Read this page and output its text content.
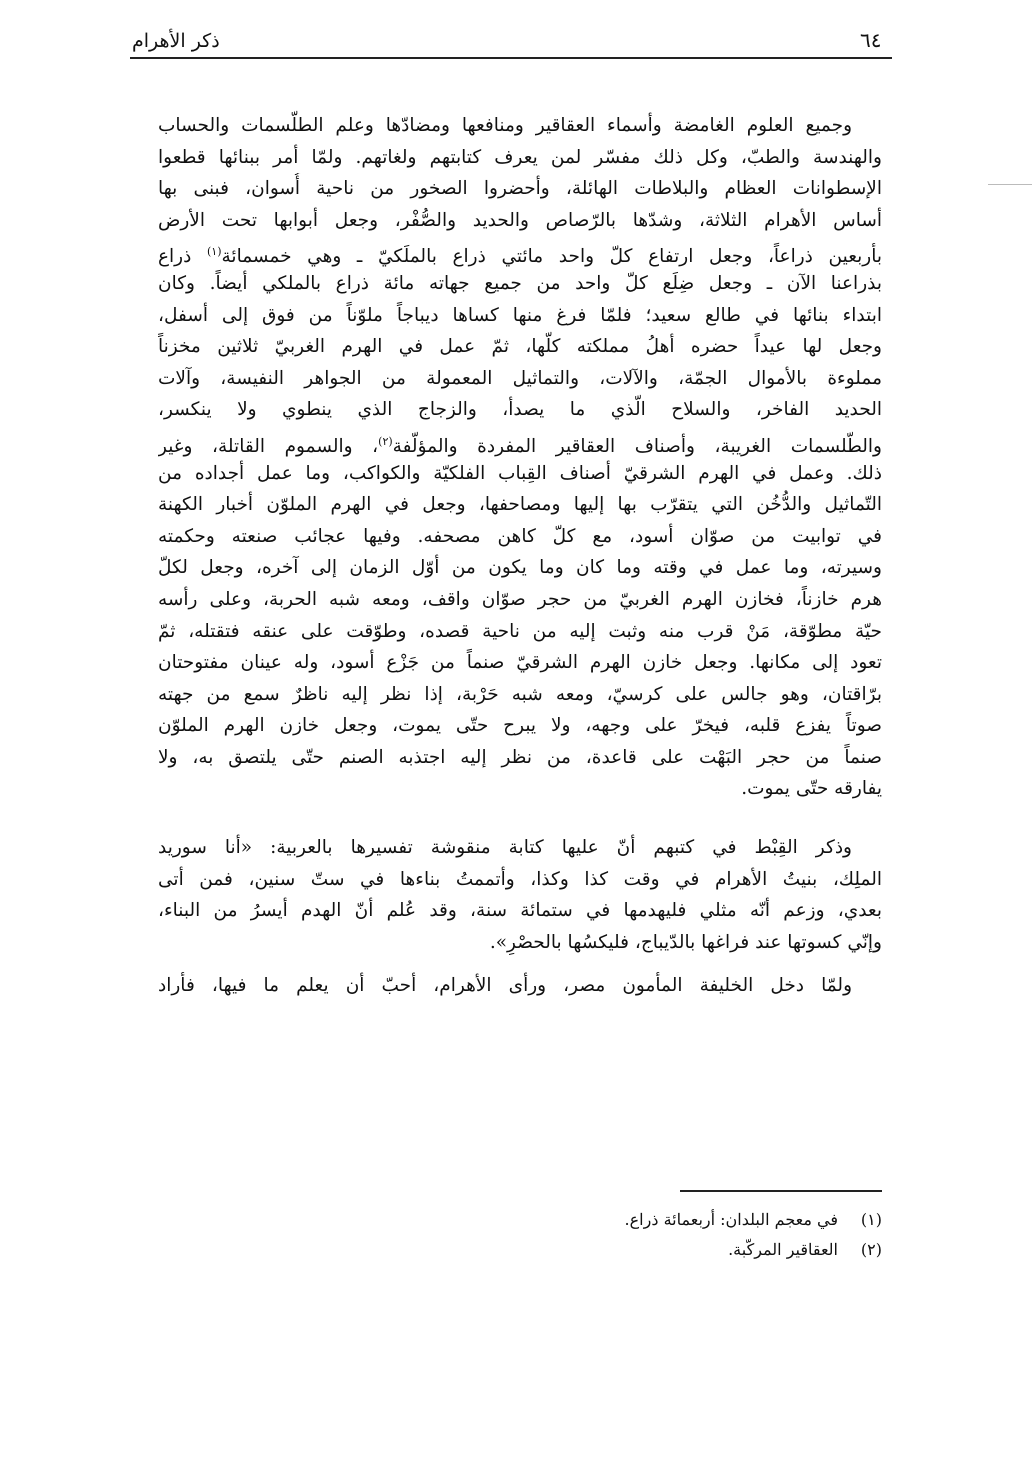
ذكر الأهرام	٦٤
وجميع العلوم الغامضة وأسماء العقاقير ومنافعها ومضادّها وعلم الطلّسمات والحساب
والهندسة والطبّ، وكل ذلك مفسّر لمن يعرف كتابتهم ولغاتهم. ولمّا أمر ببنائها قطعوا
الإسطوانات العظام والبلاطات الهائلة، وأحضروا الصخور من ناحية أُسوان، فبنى بها
أساس الأهرام الثلاثة، وشدّها بالرّصاص والحديد والصُّفْر، وجعل أبوابها تحت الأرض
بأربعين ذراعاً، وجعل ارتفاع كلّ واحد مائتي ذراع بالملَكيّ ـ وهي خمسمائة$^{(١)}$ ذراع
بذراعنا الآن ـ وجعل ضِلَع كلّ واحد من جميع جهاته مائة ذراع بالملكي أيضاً. وكان
ابتداء بنائها في طالع سعيد؛ فلمّا فرغ منها كساها ديباجاً ملوّناً من فوق إلى أسفل،
وجعل لها عيداً حضره أهلُ مملكته كلّها، ثمّ عمل في الهرم الغربيّ ثلاثين مخزناً
مملوءة بالأموال الجمّة، والآلات، والتماثيل المعمولة من الجواهر النفيسة، وآلات
الحديد الفاخر، والسلاح الّذي ما يصدأ، والزجاج الذي ينطوي ولا ينكسر،
والطّلسمات الغريبة، وأصناف العقاقير المفردة والمؤلّفة$^{(٢)}$، والسموم القاتلة، وغير
ذلك. وعمل في الهرم الشرقيّ أصناف القِباب الفلكيّة والكواكب، وما عمل أجداده من
التّماثيل والدُّخُن التي يتقرّب بها إليها ومصاحفها، وجعل في الهرم الملوّن أخبار الكهنة
في توابيت من صوّان أسود، مع كلّ كاهن مصحفه. وفيها عجائب صنعته وحكمته
وسيرته، وما عمل في وقته وما كان وما يكون من أوّل الزمان إلى آخره، وجعل لكلّ
هرم خازناً، فخازن الهرم الغربيّ من حجر صوّان واقف، ومعه شبه الحربة، وعلى رأسه
حيّة مطوّقة، مَنْ قرب منه وثبت إليه من ناحية قصده، وطوّقت على عنقه فتقتله، ثمّ
تعود إلى مكانها. وجعل خازن الهرم الشرقيّ صنماً من جَزْع أسود، وله عينان مفتوحتان
برّاقتان، وهو جالس على كرسيّ، ومعه شبه حَرْبة، إذا نظر إليه ناظرٌ سمع من جهته
صوتاً يفزع قلبه، فيخرّ على وجهه، ولا يبرح حتّى يموت، وجعل خازن الهرم الملوّن
صنماً من حجر البَهْت على قاعدة، من نظر إليه اجتذبه الصنم حتّى يلتصق به، ولا
يفارقه حتّى يموت.
وذكر القِبْط في كتبهم أنّ عليها كتابة منقوشة تفسيرها بالعربية: «أنا سوريد
الملِك، بنيتُ الأهرام في وقت كذا وكذا، وأتممتُ بناءها في ستّ سنين، فمن أتى
بعدي، وزعم أنّه مثلي فليهدمها في ستمائة سنة، وقد عُلم أنّ الهدم أيسرُ من البناء،
وإنّي كسوتها عند فراغها بالدّيباج، فليكسُها بالحصْرِ».
ولمّا دخل الخليفة المأمون مصر، ورأى الأهرام، أحبّ أن يعلم ما فيها، فأراد
(١)في معجم البلدان: أربعمائة ذراع.
(٢)العقاقير المركّبة.
